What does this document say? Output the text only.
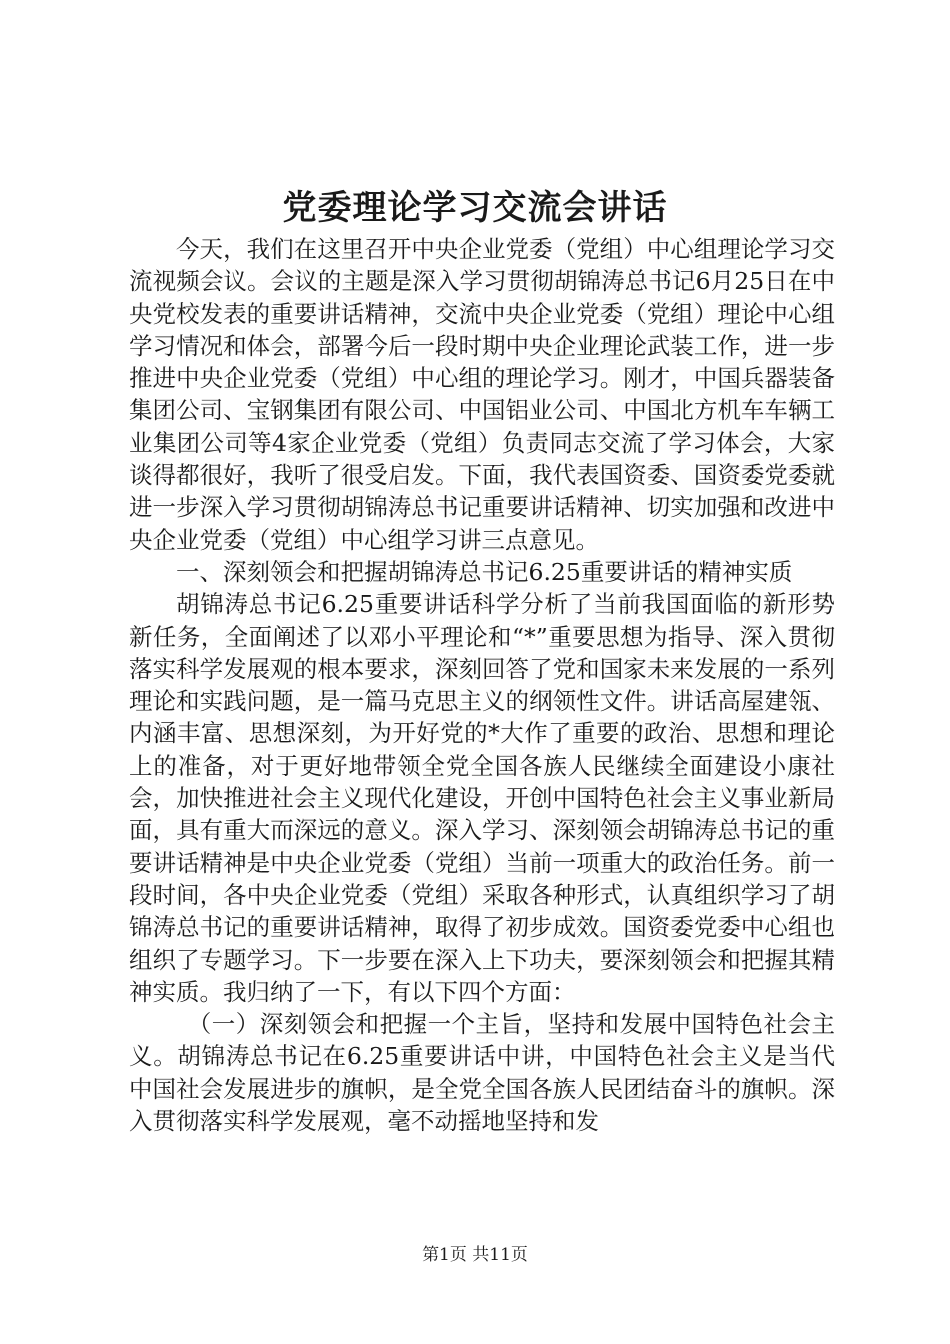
党委理论学习交流会讲话

今天，我们在这里召开中央企业党委（党组）中心组理论学习交流视频会议。会议的主题是深入学习贯彻胡锦涛总书记6月25日在中央党校发表的重要讲话精神，交流中央企业党委（党组）理论中心组学习情况和体会，部署今后一段时期中央企业理论武装工作，进一步推进中央企业党委（党组）中心组的理论学习。刚才，中国兵器装备集团公司、宝钢集团有限公司、中国铝业公司、中国北方机车车辆工业集团公司等4家企业党委（党组）负责同志交流了学习体会，大家谈得都很好，我听了很受启发。下面，我代表国资委、国资委党委就进一步深入学习贯彻胡锦涛总书记重要讲话精神、切实加强和改进中央企业党委（党组）中心组学习讲三点意见。

一、深刻领会和把握胡锦涛总书记6.25重要讲话的精神实质

胡锦涛总书记6.25重要讲话科学分析了当前我国面临的新形势新任务，全面阐述了以邓小平理论和“*”重要思想为指导、深入贯彻落实科学发展观的根本要求，深刻回答了党和国家未来发展的一系列理论和实践问题，是一篇马克思主义的纲领性文件。讲话高屋建瓴、内涵丰富、思想深刻，为开好党的*大作了重要的政治、思想和理论上的准备，对于更好地带领全党全国各族人民继续全面建设小康社会，加快推进社会主义现代化建设，开创中国特色社会主义事业新局面，具有重大而深远的意义。深入学习、深刻领会胡锦涛总书记的重要讲话精神是中央企业党委（党组）当前一项重大的政治任务。前一段时间，各中央企业党委（党组）采取各种形式，认真组织学习了胡锦涛总书记的重要讲话精神，取得了初步成效。国资委党委中心组也组织了专题学习。下一步要在深入上下功夫，要深刻领会和把握其精神实质。我归纳了一下，有以下四个方面：

（一）深刻领会和把握一个主旨，坚持和发展中国特色社会主义。胡锦涛总书记在6.25重要讲话中讲，中国特色社会主义是当代中国社会发展进步的旗帜，是全党全国各族人民团结奋斗的旗帜。深入贯彻落实科学发展观，毫不动摇地坚持和发

第1页 共11页
